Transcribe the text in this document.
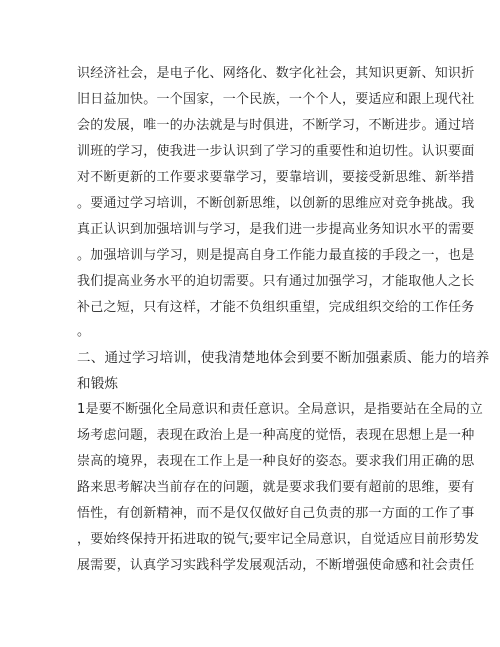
识经济社会，是电子化、网络化、数字化社会，其知识更新、知识折
旧日益加快。一个国家，一个民族，一个个人，要适应和跟上现代社
会的发展，唯一的办法就是与时俱进，不断学习，不断进步。通过培
训班的学习，使我进一步认识到了学习的重要性和迫切性。认识要面
对不断更新的工作要求要靠学习，要靠培训，要接受新思维、新举措
。要通过学习培训，不断创新思维，以创新的思维应对竞争挑战。我
真正认识到加强培训与学习，是我们进一步提高业务知识水平的需要
。加强培训与学习，则是提高自身工作能力最直接的手段之一，也是
我们提高业务水平的迫切需要。只有通过加强学习，才能取他人之长
补己之短，只有这样，才能不负组织重望，完成组织交给的工作任务
。
二、通过学习培训，使我清楚地体会到要不断加强素质、能力的培养
和锻炼
1是要不断强化全局意识和责任意识。全局意识，是指要站在全局的立
场考虑问题，表现在政治上是一种高度的觉悟，表现在思想上是一种
崇高的境界，表现在工作上是一种良好的姿态。要求我们用正确的思
路来思考解决当前存在的问题，就是要求我们要有超前的思维，要有
悟性，有创新精神，而不是仅仅做好自己负责的那一方面的工作了事
，要始终保持开拓进取的锐气;要牢记全局意识，自觉适应目前形势发
展需要，认真学习实践科学发展观活动，不断增强使命感和社会责任
